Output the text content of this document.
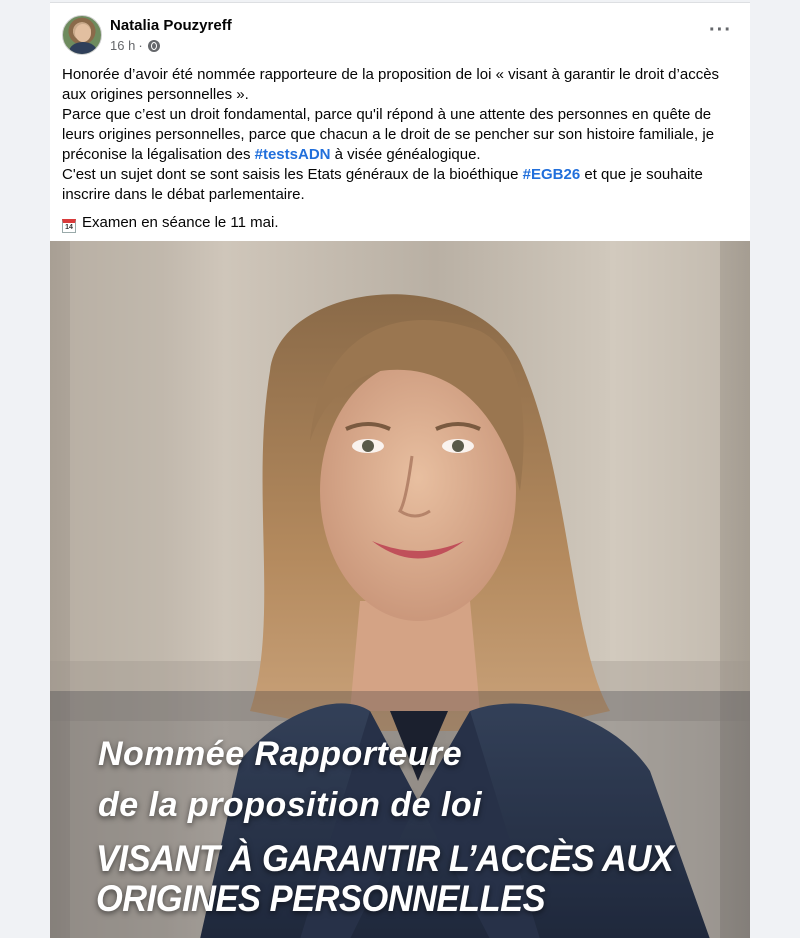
Natalia Pouzyreff
16 h ·
···

Honorée d’avoir été nommée rapporteure de la proposition de loi « visant à garantir le droit d’accès aux origines personnelles ».

Parce que c’est un droit fondamental, parce qu'il répond à une attente des personnes en quête de leurs origines personnelles, parce que chacun a le droit de se pencher sur son histoire familiale, je préconise la légalisation des #testsADN à visée généalogique.

C'est un sujet dont se sont saisis les Etats généraux de la bioéthique #EGB26 et que je souhaite inscrire dans le débat parlementaire.

14 Examen en séance le 11 mai.

Nommée Rapporteure
de la proposition de loi
VISANT À GARANTIR L’ACCÈS AUX
ORIGINES PERSONNELLES
